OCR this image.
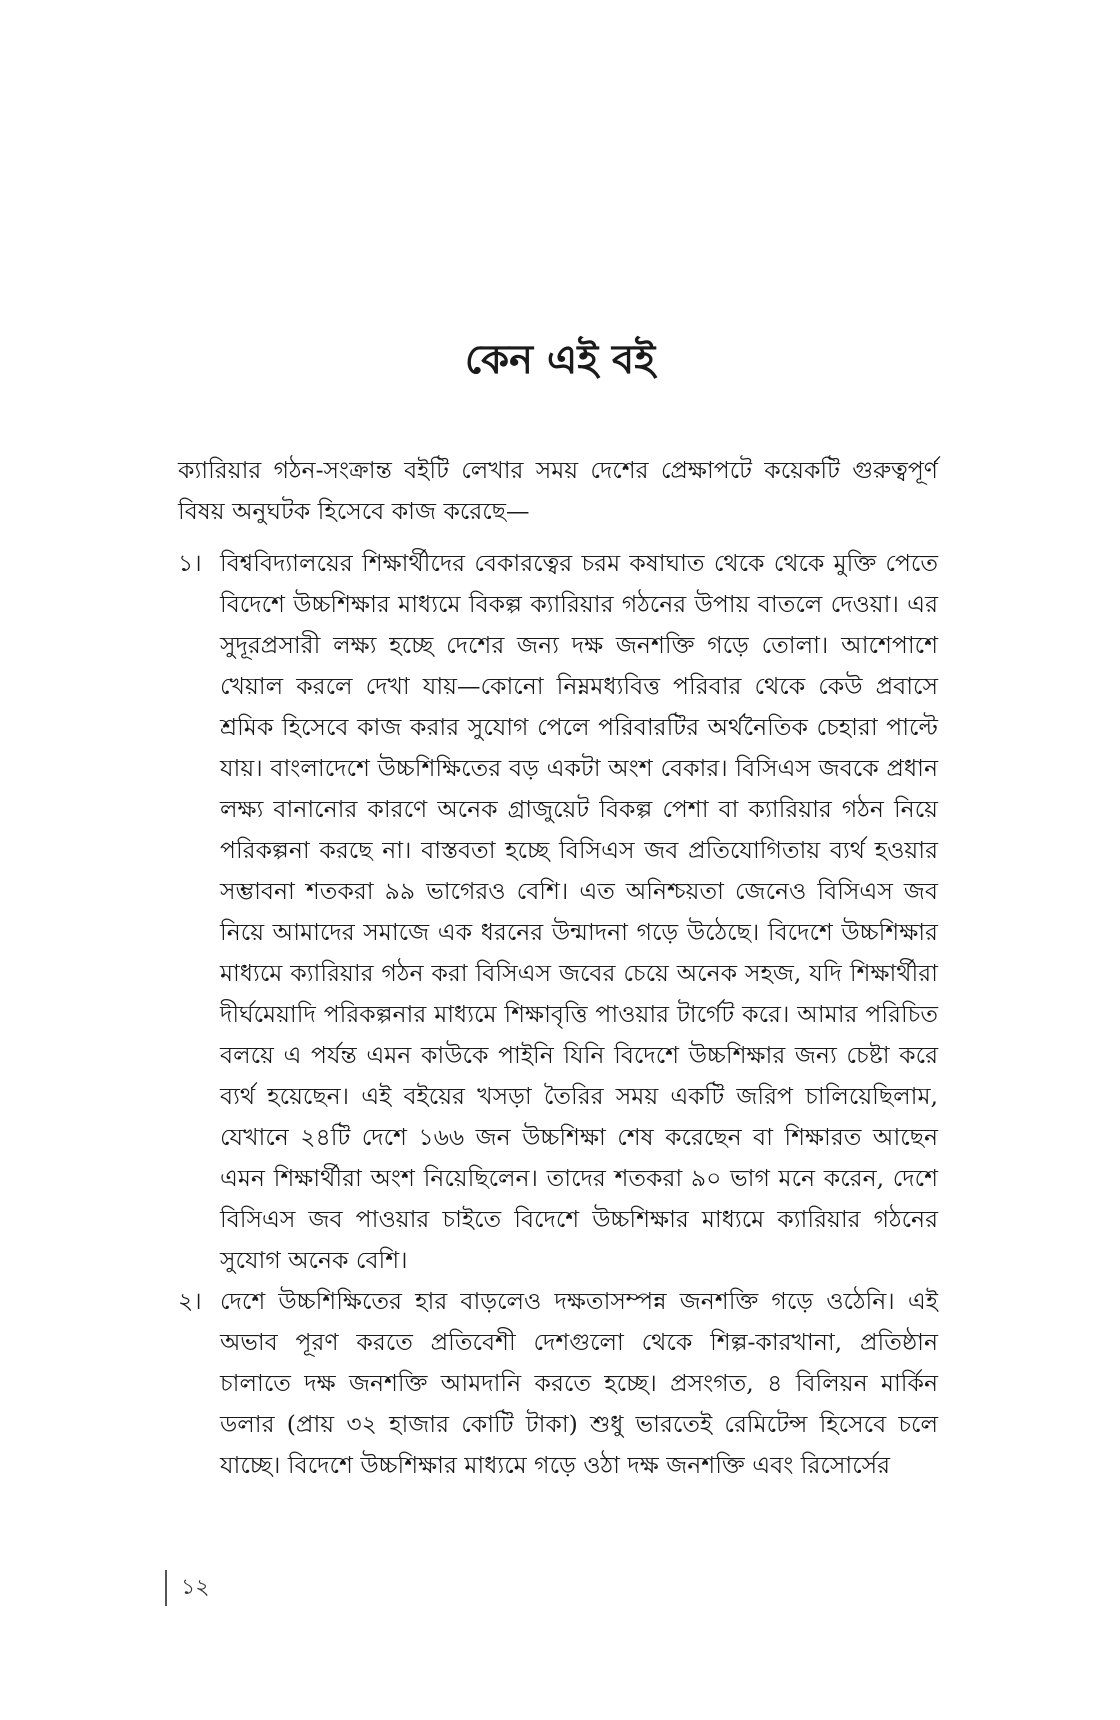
কেন এই বই

ক্যারিয়ার গঠন-সংক্রান্ত বইটি লেখার সময় দেশের প্রেক্ষাপটে কয়েকটি গুরুত্বপূর্ণ বিষয় অনুঘটক হিসেবে কাজ করেছে—

১। বিশ্ববিদ্যালয়ের শিক্ষার্থীদের বেকারত্বের চরম কষাঘাত থেকে থেকে মুক্তি পেতে বিদেশে উচ্চশিক্ষার মাধ্যমে বিকল্প ক্যারিয়ার গঠনের উপায় বাতলে দেওয়া। এর সুদূরপ্রসারী লক্ষ্য হচ্ছে দেশের জন্য দক্ষ জনশক্তি গড়ে তোলা। আশেপাশে খেয়াল করলে দেখা যায়—কোনো নিম্নমধ্যবিত্ত পরিবার থেকে কেউ প্রবাসে শ্রমিক হিসেবে কাজ করার সুযোগ পেলে পরিবারটির অর্থনৈতিক চেহারা পাল্টে যায়। বাংলাদেশে উচ্চশিক্ষিতের বড় একটা অংশ বেকার। বিসিএস জবকে প্রধান লক্ষ্য বানানোর কারণে অনেক গ্রাজুয়েট বিকল্প পেশা বা ক্যারিয়ার গঠন নিয়ে পরিকল্পনা করছে না। বাস্তবতা হচ্ছে বিসিএস জব প্রতিযোগিতায় ব্যর্থ হওয়ার সম্ভাবনা শতকরা ৯৯ ভাগেরও বেশি। এত অনিশ্চয়তা জেনেও বিসিএস জব নিয়ে আমাদের সমাজে এক ধরনের উন্মাদনা গড়ে উঠেছে। বিদেশে উচ্চশিক্ষার মাধ্যমে ক্যারিয়ার গঠন করা বিসিএস জবের চেয়ে অনেক সহজ, যদি শিক্ষার্থীরা দীর্ঘমেয়াদি পরিকল্পনার মাধ্যমে শিক্ষাবৃত্তি পাওয়ার টার্গেট করে। আমার পরিচিত বলয়ে এ পর্যন্ত এমন কাউকে পাইনি যিনি বিদেশে উচ্চশিক্ষার জন্য চেষ্টা করে ব্যর্থ হয়েছেন। এই বইয়ের খসড়া তৈরির সময় একটি জরিপ চালিয়েছিলাম, যেখানে ২৪টি দেশে ১৬৬ জন উচ্চশিক্ষা শেষ করেছেন বা শিক্ষারত আছেন এমন শিক্ষার্থীরা অংশ নিয়েছিলেন। তাদের শতকরা ৯০ ভাগ মনে করেন, দেশে বিসিএস জব পাওয়ার চাইতে বিদেশে উচ্চশিক্ষার মাধ্যমে ক্যারিয়ার গঠনের সুযোগ অনেক বেশি।
২। দেশে উচ্চশিক্ষিতের হার বাড়লেও দক্ষতাসম্পন্ন জনশক্তি গড়ে ওঠেনি। এই অভাব পূরণ করতে প্রতিবেশী দেশগুলো থেকে শিল্প-কারখানা, প্রতিষ্ঠান চালাতে দক্ষ জনশক্তি আমদানি করতে হচ্ছে। প্রসংগত, ৪ বিলিয়ন মার্কিন ডলার (প্রায় ৩২ হাজার কোটি টাকা) শুধু ভারতেই রেমিটেন্স হিসেবে চলে যাচ্ছে। বিদেশে উচ্চশিক্ষার মাধ্যমে গড়ে ওঠা দক্ষ জনশক্তি এবং রিসোর্সের
১২
